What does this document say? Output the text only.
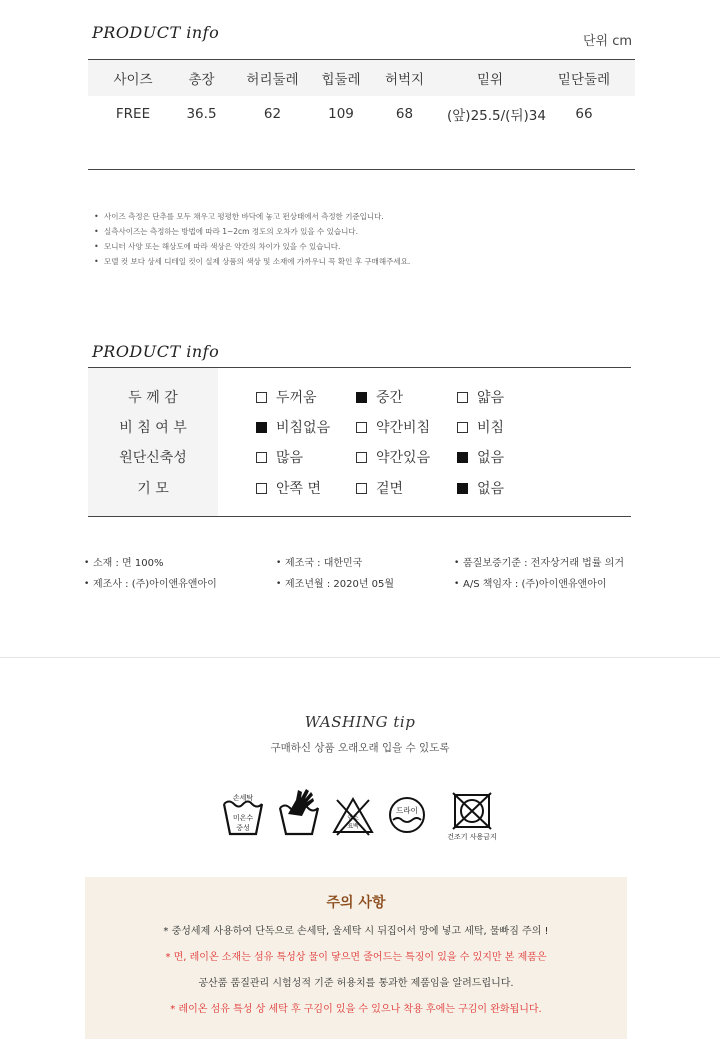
PRODUCT info	단위 cm
사이즈	총장	허리둘레	힙둘레	허벅지	밑위	밑단둘레
FREE	36.5	62	109	68	(앞)25.5/(뒤)34	66
• 사이즈 측정은 단추를 모두 채우고 평평한 바닥에 놓고 펀상태에서 측정한 기준입니다.
• 실측사이즈는 측정하는 방법에 따라 1~2cm 정도의 오차가 있을 수 있습니다.
• 모니터 사양 또는 해상도에 따라 색상은 약간의 차이가 있을 수 있습니다.
• 모델 컷 보다 상세 디테일 컷이 실제 상품의 색상 및 소재에 가까우니 꼭 확인 후 구매해주세요.
PRODUCT info
두 께 감	두꺼움	중간	얇음
비 침 여 부	비침없음	약간비침	비침
원단신축성	많음	약간있음	없음
기 모	안쪽 면	겉면	없음
• 소재 : 면 100%
• 제조사 : (주)아이앤유앤아이
• 제조국 : 대한민국
• 제조년월 : 2020년 05월
• 품질보증기준 : 전자상거래 법률 의거
• A/S 책임자 : (주)아이앤유앤아이
WASHING tip
구매하신 상품 오래오래 입을 수 있도록
손세탁
미온수
중성
염소
표백
드라이
건조기 사용금지
주의 사항
* 중성세제 사용하여 단독으로 손세탁, 울세탁 시 뒤집어서 망에 넣고 세탁, 물빠짐 주의 !
* 면, 레이온 소재는 섬유 특성상 물이 닿으면 줄어드는 특징이 있을 수 있지만 본 제품은
공산품 품질관리 시험성적 기준 허용치를 통과한 제품임을 알려드립니다.
* 레이온 섬유 특성 상 세탁 후 구김이 있을 수 있으나 착용 후에는 구김이 완화됩니다.
